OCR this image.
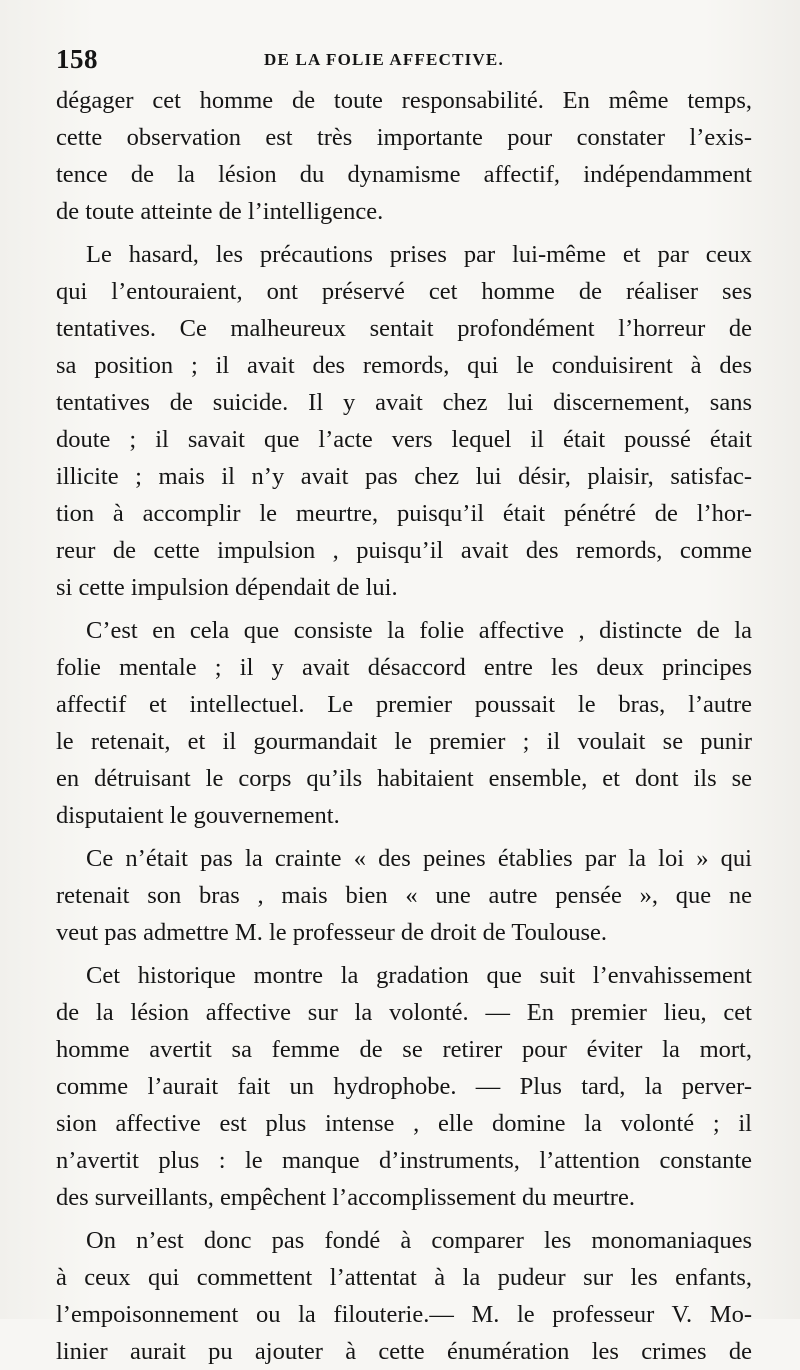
158	DE LA FOLIE AFFECTIVE.
dégager cet homme de toute responsabilité. En même temps,
cette observation est très importante pour constater l’exis-
tence de la lésion du dynamisme affectif, indépendamment
de toute atteinte de l’intelligence.
Le hasard, les précautions prises par lui-même et par ceux
qui l’entouraient, ont préservé cet homme de réaliser ses
tentatives. Ce malheureux sentait profondément l’horreur de
sa position ; il avait des remords, qui le conduisirent à des
tentatives de suicide. Il y avait chez lui discernement, sans
doute ; il savait que l’acte vers lequel il était poussé était
illicite ; mais il n’y avait pas chez lui désir, plaisir, satisfac-
tion à accomplir le meurtre, puisqu’il était pénétré de l’hor-
reur de cette impulsion , puisqu’il avait des remords, comme
si cette impulsion dépendait de lui.
C’est en cela que consiste la folie affective , distincte de la
folie mentale ; il y avait désaccord entre les deux principes
affectif et intellectuel. Le premier poussait le bras, l’autre
le retenait, et il gourmandait le premier ; il voulait se punir
en détruisant le corps qu’ils habitaient ensemble, et dont ils se
disputaient le gouvernement.
Ce n’était pas la crainte « des peines établies par la loi » qui
retenait son bras , mais bien « une autre pensée », que ne
veut pas admettre M. le professeur de droit de Toulouse.
Cet historique montre la gradation que suit l’envahissement
de la lésion affective sur la volonté. — En premier lieu, cet
homme avertit sa femme de se retirer pour éviter la mort,
comme l’aurait fait un hydrophobe. — Plus tard, la perver-
sion affective est plus intense , elle domine la volonté ; il
n’avertit plus : le manque d’instruments, l’attention constante
des surveillants, empêchent l’accomplissement du meurtre.
On n’est donc pas fondé à comparer les monomaniaques
à ceux qui commettent l’attentat à la pudeur sur les enfants,
l’empoisonnement ou la filouterie.— M. le professeur V. Mo-
linier aurait pu ajouter à cette énumération les crimes de
